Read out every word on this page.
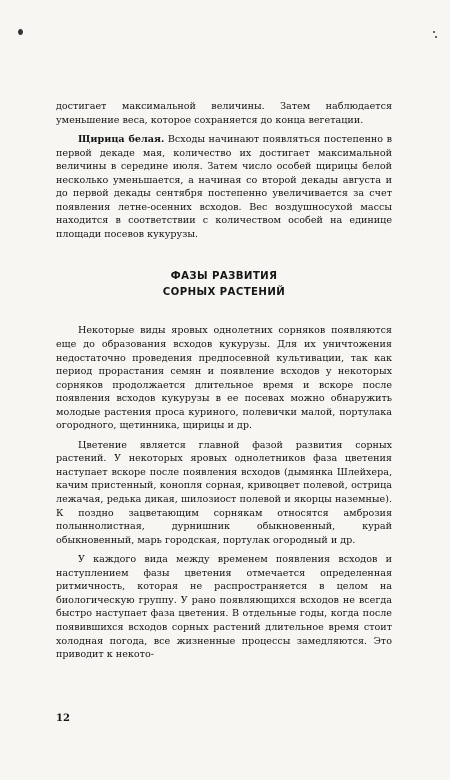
достигает максимальной величины. Затем наблюдается уменьшение веса, которое сохраняется до конца вегетации.

Щирица белая. Всходы начинают появляться постепенно в первой декаде мая, количество их достигает максимальной величины в середине июля. Затем число особей щирицы белой несколько уменьшается, а начиная со второй декады августа и до первой декады сентября постепенно увеличивается за счет появления летне-осенних всходов. Вес воздушносухой массы находится в соответствии с количеством особей на единице площади посевов кукурузы.

ФАЗЫ РАЗВИТИЯ
СОРНЫХ РАСТЕНИЙ

Некоторые виды яровых однолетних сорняков появляются еще до образования всходов кукурузы. Для их уничтожения недостаточно проведения предпосевной культивации, так как период прорастания семян и появление всходов у некоторых сорняков продолжается длительное время и вскоре после появления всходов кукурузы в ее посевах можно обнаружить молодые растения проса куриного, полевички малой, портулака огородного, щетинника, щирицы и др.

Цветение является главной фазой развития сорных растений. У некоторых яровых однолетников фаза цветения наступает вскоре после появления всходов (дымянка Шлейхера, качим пристенный, конопля сорная, кривоцвет полевой, острица лежачая, редька дикая, шилозиост полевой и якорцы наземные). К поздно зацветающим сорнякам относятся амброзия полыннолистная, дурнишник обыкновенный, курай обыкновенный, марь городская, портулак огородный и др.

У каждого вида между временем появления всходов и наступлением фазы цветения отмечается определенная ритмичность, которая не распространяется в целом на биологическую группу. У рано появляющихся всходов не всегда быстро наступает фаза цветения. В отдельные годы, когда после появившихся всходов сорных растений длительное время стоит холодная погода, все жизненные процессы замедляются. Это приводит к некото-

12
